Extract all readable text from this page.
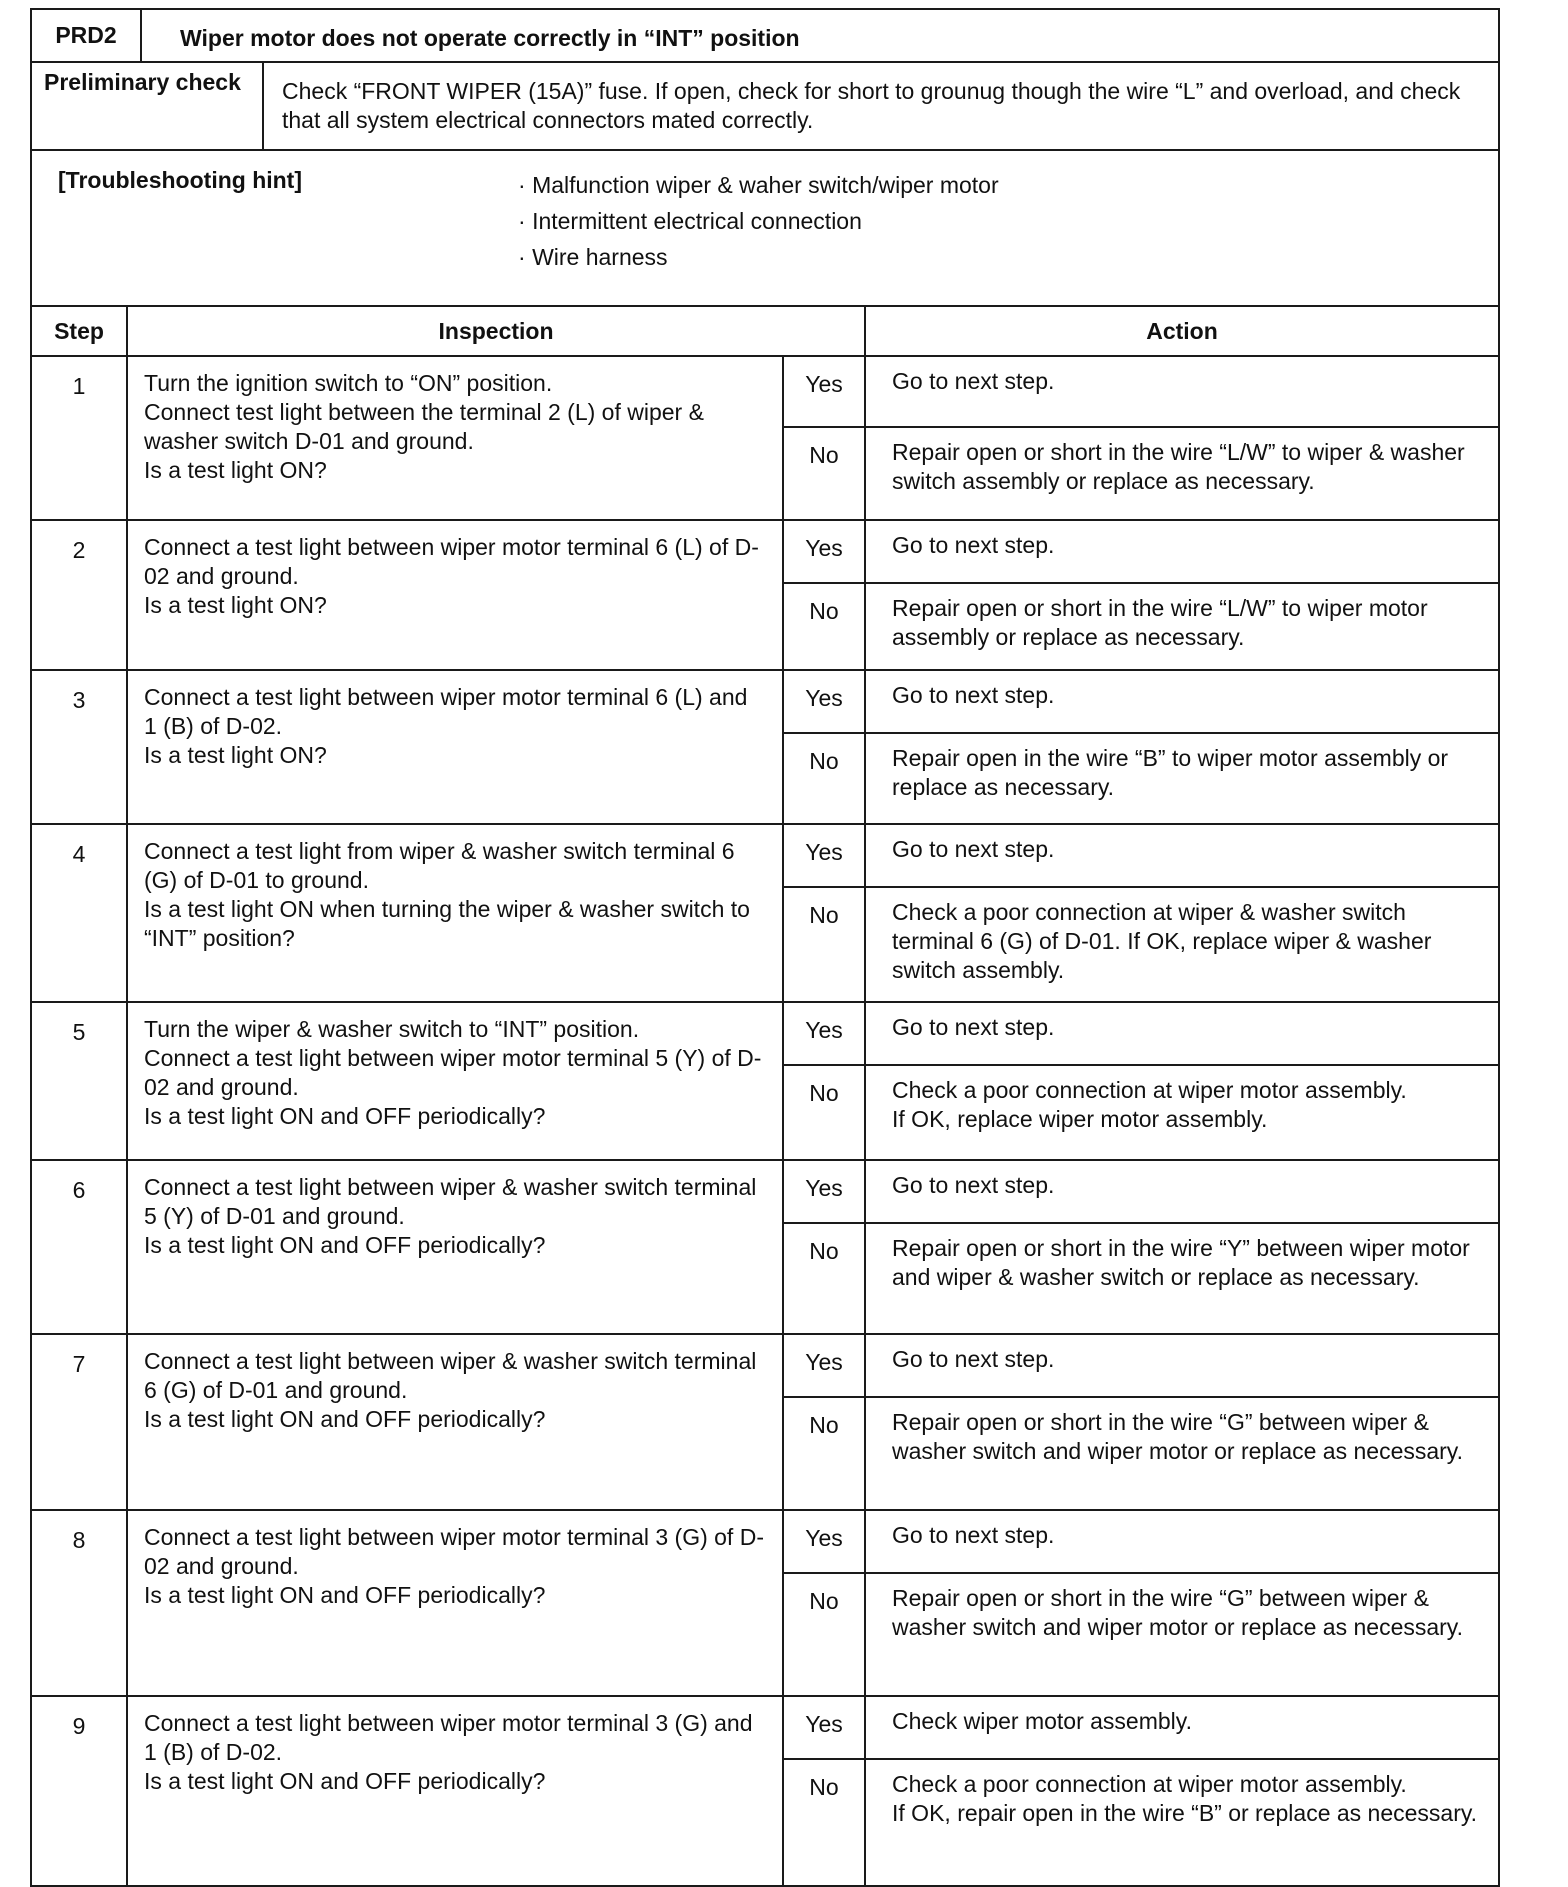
PRD2	Wiper motor does not operate correctly in “INT” position
Preliminary check	Check “FRONT WIPER (15A)” fuse. If open, check for short to grounug though the wire “L” and overload, and check that all system electrical connectors mated correctly.
[Troubleshooting hint]	· Malfunction wiper & waher switch/wiper motor
· Intermittent electrical connection
· Wire harness
Step	Inspection		Action
1	Turn the ignition switch to “ON” position.
Connect test light between the terminal 2 (L) of wiper & washer switch D-01 and ground.
Is a test light ON?	Yes	Go to next step.
		No	Repair open or short in the wire “L/W” to wiper & washer switch assembly or replace as necessary.
2	Connect a test light between wiper motor terminal 6 (L) of D-02 and ground.
Is a test light ON?	Yes	Go to next step.
		No	Repair open or short in the wire “L/W” to wiper motor assembly or replace as necessary.
3	Connect a test light between wiper motor terminal 6 (L) and 1 (B) of D-02.
Is a test light ON?	Yes	Go to next step.
		No	Repair open in the wire “B” to wiper motor assembly or replace as necessary.
4	Connect a test light from wiper & washer switch terminal 6 (G) of D-01 to ground.
Is a test light ON when turning the wiper & washer switch to “INT” position?	Yes	Go to next step.
		No	Check a poor connection at wiper & washer switch terminal 6 (G) of D-01. If OK, replace wiper & washer switch assembly.
5	Turn the wiper & washer switch to “INT” position.
Connect a test light between wiper motor terminal 5 (Y) of D-02 and ground.
Is a test light ON and OFF periodically?	Yes	Go to next step.
		No	Check a poor connection at wiper motor assembly.
If OK, replace wiper motor assembly.
6	Connect a test light between wiper & washer switch terminal 5 (Y) of D-01 and ground.
Is a test light ON and OFF periodically?	Yes	Go to next step.
		No	Repair open or short in the wire “Y” between wiper motor and wiper & washer switch or replace as necessary.
7	Connect a test light between wiper & washer switch terminal 6 (G) of D-01 and ground.
Is a test light ON and OFF periodically?	Yes	Go to next step.
		No	Repair open or short in the wire “G” between wiper & washer switch and wiper motor or replace as necessary.
8	Connect a test light between wiper motor terminal 3 (G) of D-02 and ground.
Is a test light ON and OFF periodically?	Yes	Go to next step.
		No	Repair open or short in the wire “G” between wiper & washer switch and wiper motor or replace as necessary.
9	Connect a test light between wiper motor terminal 3 (G) and 1 (B) of D-02.
Is a test light ON and OFF periodically?	Yes	Check wiper motor assembly.
		No	Check a poor connection at wiper motor assembly.
If OK, repair open in the wire “B” or replace as necessary.
